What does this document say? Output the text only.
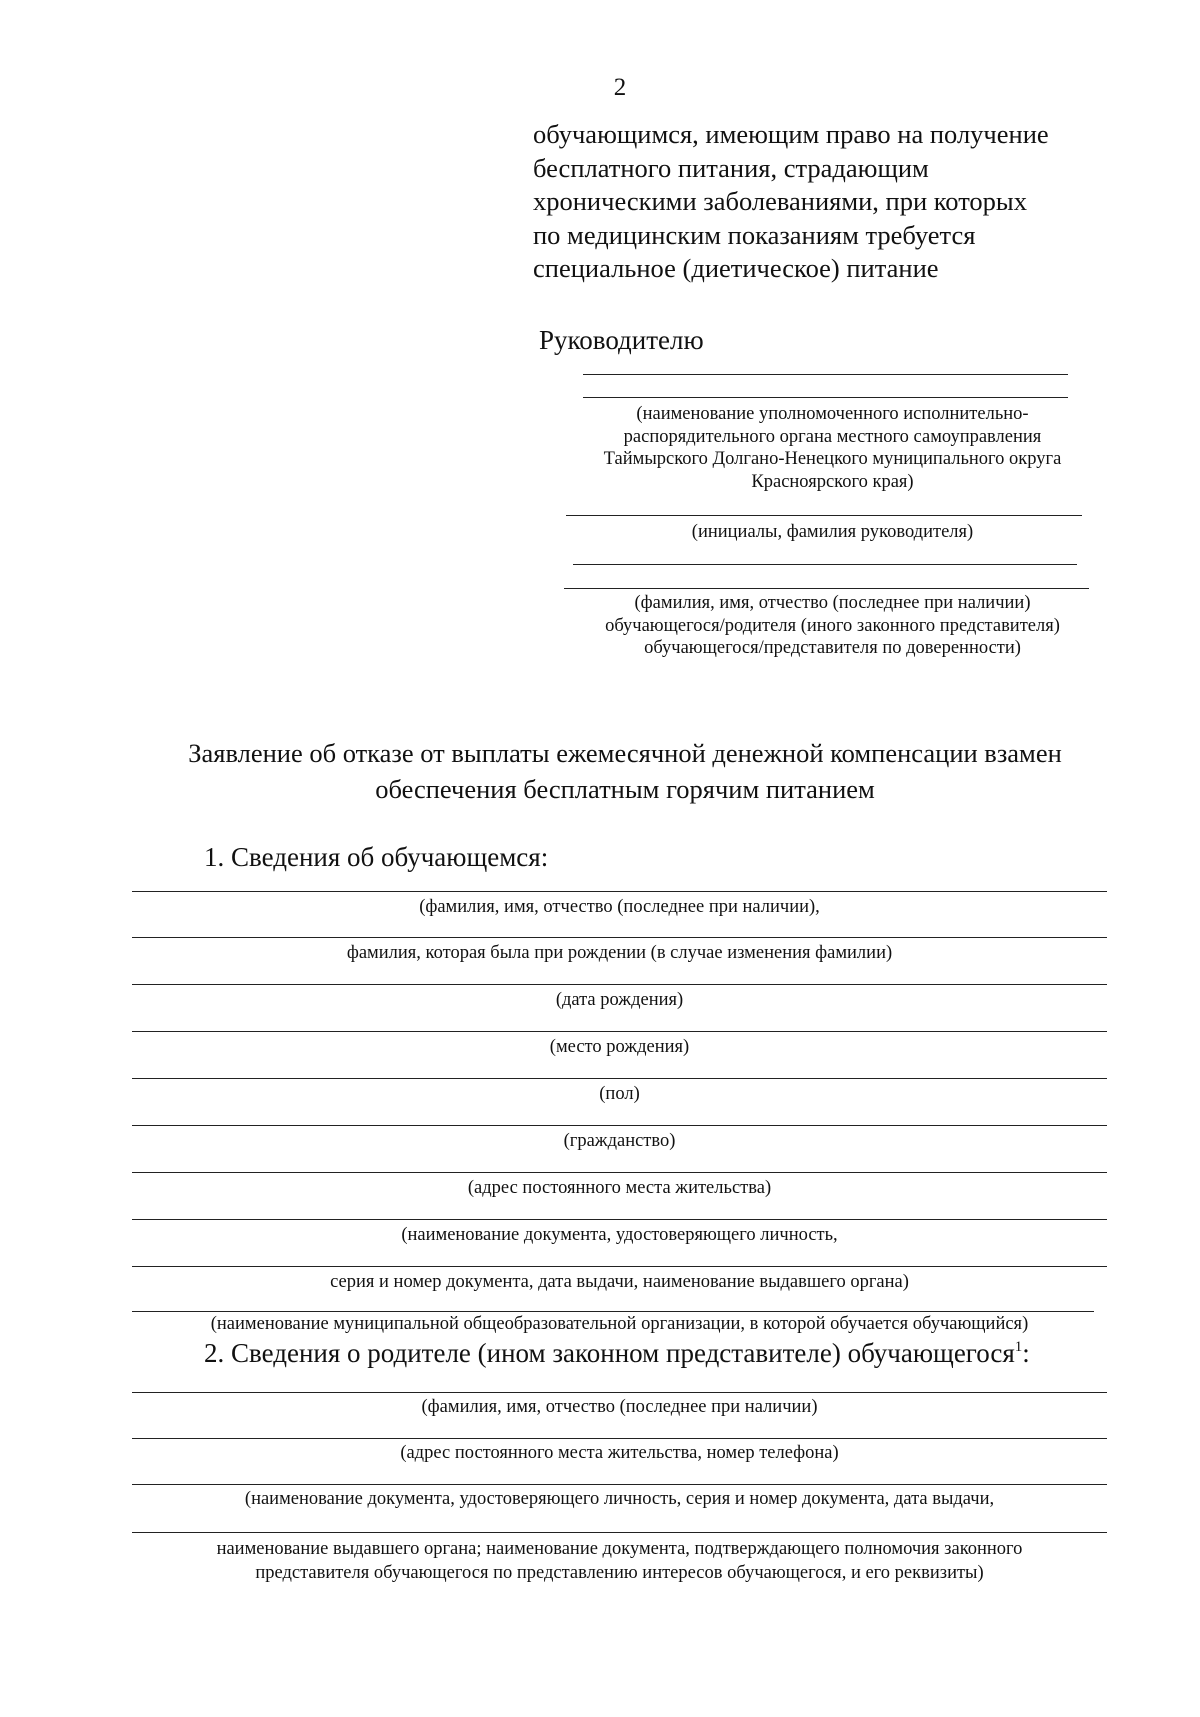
2
обучающимся, имеющим право на получение
бесплатного питания, страдающим
хроническими заболеваниями, при которых
по медицинским показаниям требуется
специальное (диетическое) питание
Руководителю
(наименование уполномоченного исполнительно-
распорядительного органа местного самоуправления
Таймырского Долгано-Ненецкого муниципального округа
Красноярского края)
(инициалы, фамилия руководителя)
(фамилия, имя, отчество (последнее при наличии)
обучающегося/родителя (иного законного представителя)
обучающегося/представителя по доверенности)
Заявление об отказе от выплаты ежемесячной денежной компенсации взамен
обеспечения бесплатным горячим питанием
1. Сведения об обучающемся:
(фамилия, имя, отчество (последнее при наличии),
фамилия, которая была при рождении (в случае изменения фамилии)
(дата рождения)
(место рождения)
(пол)
(гражданство)
(адрес постоянного места жительства)
(наименование документа, удостоверяющего личность,
серия и номер документа, дата выдачи, наименование выдавшего органа)
(наименование муниципальной общеобразовательной организации, в которой обучается обучающийся)
2. Сведения о родителе (ином законном представителе) обучающегося$^1$:
(фамилия, имя, отчество (последнее при наличии)
(адрес постоянного места жительства, номер телефона)
(наименование документа, удостоверяющего личность, серия и номер документа, дата выдачи,
наименование выдавшего органа; наименование документа, подтверждающего полномочия законного
представителя обучающегося по представлению интересов обучающегося, и его реквизиты)
